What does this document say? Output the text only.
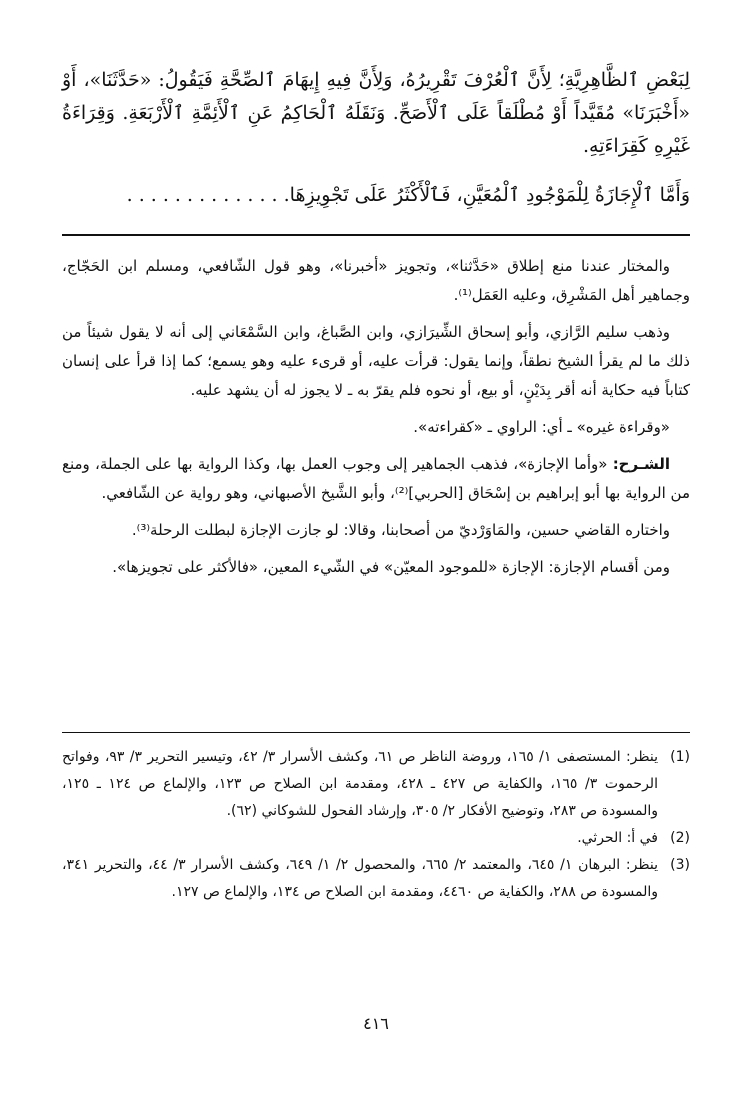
لِبَعْضِ ٱلظَّاهِرِيَّةِ؛ لِأَنَّ ٱلْعُرْفَ تَقْرِيرُهُ، وَلِأَنَّ فِيهِ إِيهَامَ ٱلصِّحَّةِ فَيَقُولُ: «حَدَّثَنَا»، أَوْ «أَخْبَرَنَا» مُقَيَّداً أَوْ مُطْلَقاً عَلَى ٱلْأَصَحِّ. وَنَقَلَهُ ٱلْحَاكِمُ عَنِ ٱلْأَئِمَّةِ ٱلْأَرْبَعَةِ. وَقِرَاءَةُ غَيْرِهِ كَقِرَاءَتِهِ.

وَأَمَّا ٱلْإِجَازَةُ لِلْمَوْجُودِ ٱلْمُعَيَّنِ، فَٱلْأَكْثَرُ عَلَى تَجْوِيزِهَا. . . . . . . . . . . . . .

والمختار عندنا منع إطلاق «حَدَّثنا»، وتجويز «أخبرنا»، وهو قول الشّافعي، ومسلم ابن الحَجّاج، وجماهير أهل المَشْرِق، وعليه العَمَل⁽¹⁾.

وذهب سليم الرَّازي، وأبو إسحاق الشِّيرَازي، وابن الصَّباغ، وابن السَّمْعَاني إلى أنه لا يقول شيئاً من ذلك ما لم يقرأ الشيخ نطقاً، وإنما يقول: قرأت عليه، أو قرىء عليه وهو يسمع؛ كما إذا قرأ على إنسان كتاباً فيه حكاية أنه أقر بِدَيْنٍ، أو بيع، أو نحوه فلم يقرّ به ـ لا يجوز له أن يشهد عليه.

«وقراءة غيره» ـ أي: الراوي ـ «كقراءته».

الشـرح: «وأما الإجازة»، فذهب الجماهير إلى وجوب العمل بها، وكذا الرواية بها على الجملة، ومنع من الرواية بها أبو إبراهيم بن إسْحَاق [الحربي]⁽²⁾، وأبو الشَّيخ الأصبهاني، وهو رواية عن الشّافعي.

واختاره القاضي حسين، والمَاوَرْديّ من أصحابنا، وقالا: لو جازت الإجازة لبطلت الرحلة⁽³⁾.

ومن أقسام الإجازة: الإجازة «للموجود المعيّن» في الشّيء المعين، «فالأكثر على تجويزها».

(1)
ينظر: المستصفى ١/ ١٦٥، وروضة الناظر ص ٦١، وكشف الأسرار ٣/ ٤٢، وتيسير التحرير ٣/ ٩٣، وفواتح الرحموت ٣/ ١٦٥، والكفاية ص ٤٢٧ ـ ٤٢٨، ومقدمة ابن الصلاح ص ١٢٣، والإلماع ص ١٢٤ ـ ١٢٥، والمسودة ص ٢٨٣، وتوضيح الأفكار ٢/ ٣٠٥، وإرشاد الفحول للشوكاني (٦٢).
(2)
في أ: الحرثي.
(3)
ينظر: البرهان ١/ ٦٤٥، والمعتمد ٢/ ٦٦٥، والمحصول ٢/ ١/ ٦٤٩، وكشف الأسرار ٣/ ٤٤، والتحرير ٣٤١، والمسودة ص ٢٨٨، والكفاية ص ٤٤٦٠، ومقدمة ابن الصلاح ص ١٣٤، والإلماع ص ١٢٧.
٤١٦
